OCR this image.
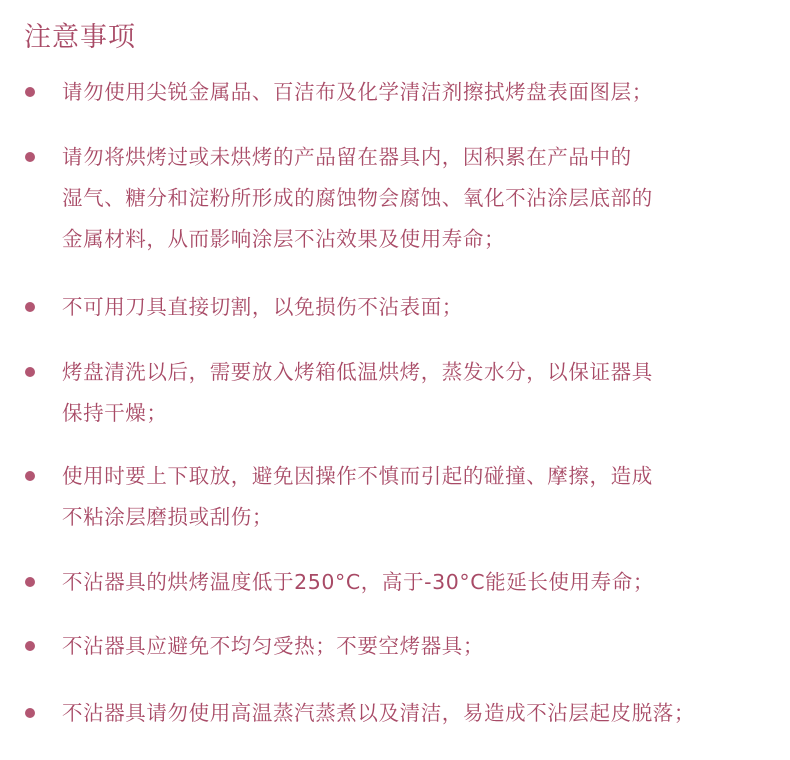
注意事项
请勿使用尖锐金属品、百洁布及化学清洁剂擦拭烤盘表面图层；
请勿将烘烤过或未烘烤的产品留在器具内，因积累在产品中的
湿气、糖分和淀粉所形成的腐蚀物会腐蚀、氧化不沾涂层底部的
金属材料，从而影响涂层不沾效果及使用寿命；
不可用刀具直接切割，以免损伤不沾表面；
烤盘清洗以后，需要放入烤箱低温烘烤，蒸发水分，以保证器具
保持干燥；
使用时要上下取放，避免因操作不慎而引起的碰撞、摩擦，造成
不粘涂层磨损或刮伤；
不沾器具的烘烤温度低于250°C，高于-30°C能延长使用寿命；
不沾器具应避免不均匀受热；不要空烤器具；
不沾器具请勿使用高温蒸汽蒸煮以及清洁，易造成不沾层起皮脱落；
